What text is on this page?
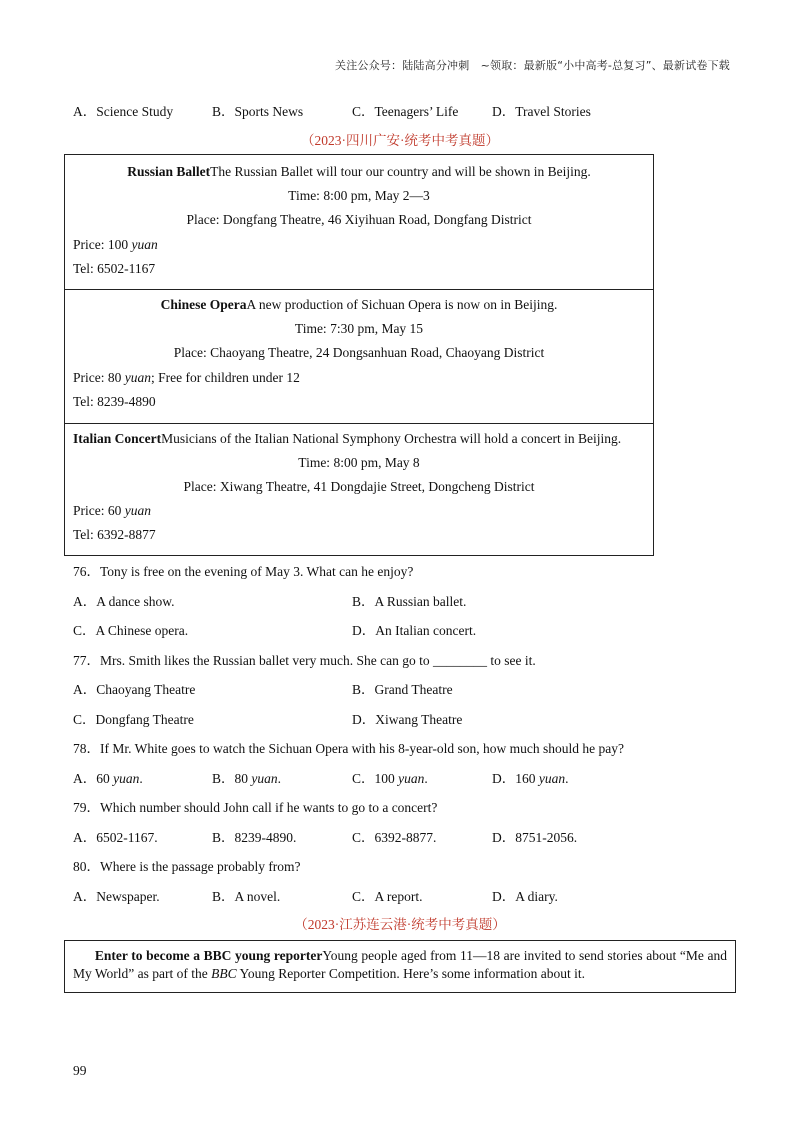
关注公众号：陆陆高分冲刺　~领取：最新版“小中高考-总复习”、最新试卷下载
A．Science Study	B．Sports News	C．Teenagers’ Life D．Travel Stories
（2023·四川广安·统考中考真题）
Russian BalletThe Russian Ballet will tour our country and will be shown in Beijing.
Time: 8:00 pm, May 2—3
Place: Dongfang Theatre, 46 Xiyihuan Road, Dongfang District
Price: 100 yuan
Tel: 6502-1167
Chinese OperaA new production of Sichuan Opera is now on in Beijing.
Time: 7:30 pm, May 15
Place: Chaoyang Theatre, 24 Dongsanhuan Road, Chaoyang District
Price: 80 yuan; Free for children under 12
Tel: 8239-4890
Italian ConcertMusicians of the Italian National Symphony Orchestra will hold a concert in Beijing.
Time: 8:00 pm, May 8
Place: Xiwang Theatre, 41 Dongdajie Street, Dongcheng District
Price: 60 yuan
Tel: 6392-8877
76．Tony is free on the evening of May 3. What can he enjoy?
A．A dance show.	B．A Russian ballet.
C．A Chinese opera.	D．An Italian concert.
77．Mrs. Smith likes the Russian ballet very much. She can go to ________ to see it.
A．Chaoyang Theatre	B．Grand Theatre
C．Dongfang Theatre	D．Xiwang Theatre
78．If Mr. White goes to watch the Sichuan Opera with his 8-year-old son, how much should he pay?
A．60 yuan.	B．80 yuan.	C．100 yuan.	D．160 yuan.
79．Which number should John call if he wants to go to a concert?
A．6502-1167.	B．8239-4890.	C．6392-8877.	D．8751-2056.
80．Where is the passage probably from?
A．Newspaper.	B．A novel.	C．A report.	D．A diary.
（2023·江苏连云港·统考中考真题）
Enter to become a BBC young reporterYoung people aged from 11—18 are invited to send stories about “Me and My World” as part of the BBC Young Reporter Competition. Here’s some information about it.
99
